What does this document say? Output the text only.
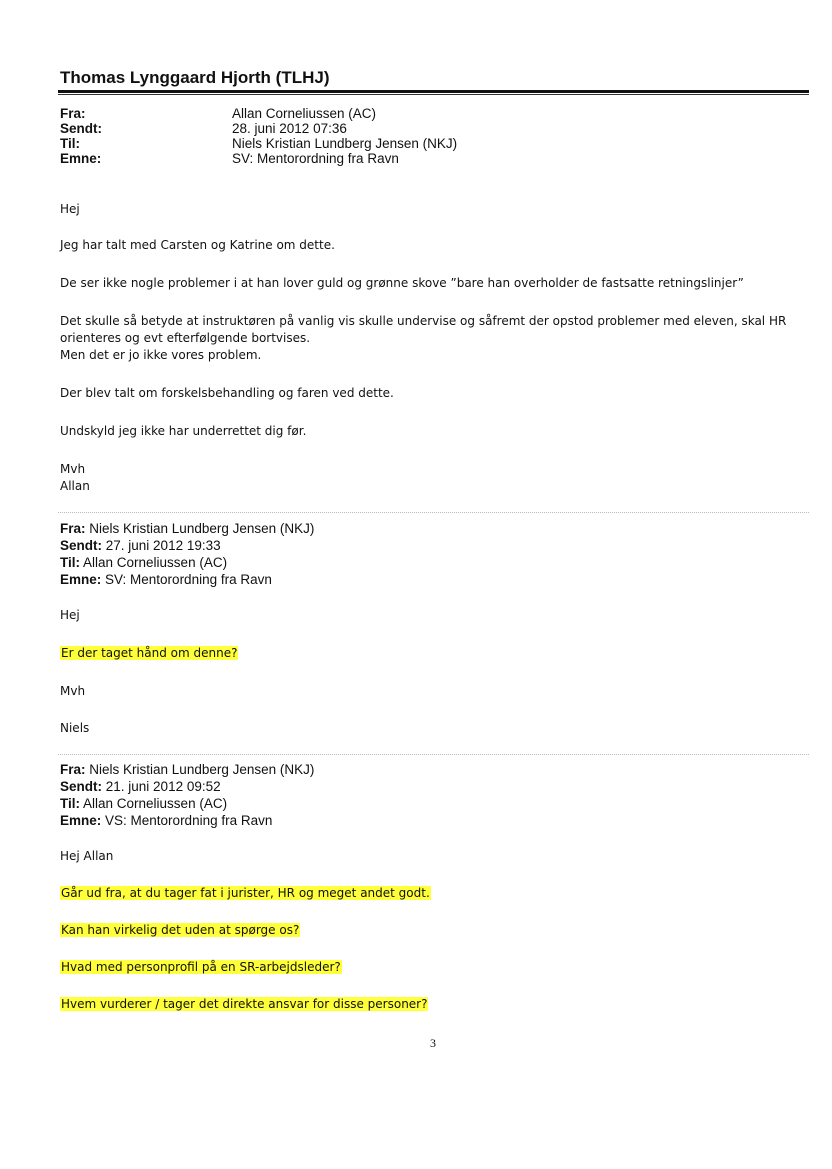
Thomas Lynggaard Hjorth (TLHJ)
Fra:	Allan Corneliussen (AC)
Sendt:	28. juni 2012 07:36
Til:	Niels Kristian Lundberg Jensen (NKJ)
Emne:	SV: Mentorordning fra Ravn
Hej
Jeg har talt med Carsten og Katrine om dette.
De ser ikke nogle problemer i at han lover guld og grønne skove ”bare han overholder de fastsatte retningslinjer”
Det skulle så betyde at instruktøren på vanlig vis skulle undervise og såfremt der opstod problemer med eleven, skal HR
orienteres og evt efterfølgende bortvises.
Men det er jo ikke vores problem.
Der blev talt om forskelsbehandling og faren ved dette.
Undskyld jeg ikke har underrettet dig før.
Mvh
Allan
Fra: Niels Kristian Lundberg Jensen (NKJ)
Sendt: 27. juni 2012 19:33
Til: Allan Corneliussen (AC)
Emne: SV: Mentorordning fra Ravn
Hej
Er der taget hånd om denne?
Mvh
Niels
Fra: Niels Kristian Lundberg Jensen (NKJ)
Sendt: 21. juni 2012 09:52
Til: Allan Corneliussen (AC)
Emne: VS: Mentorordning fra Ravn
Hej Allan
Går ud fra, at du tager fat i jurister, HR og meget andet godt.
Kan han virkelig det uden at spørge os?
Hvad med personprofil på en SR-arbejdsleder?
Hvem vurderer / tager det direkte ansvar for disse personer?
3
